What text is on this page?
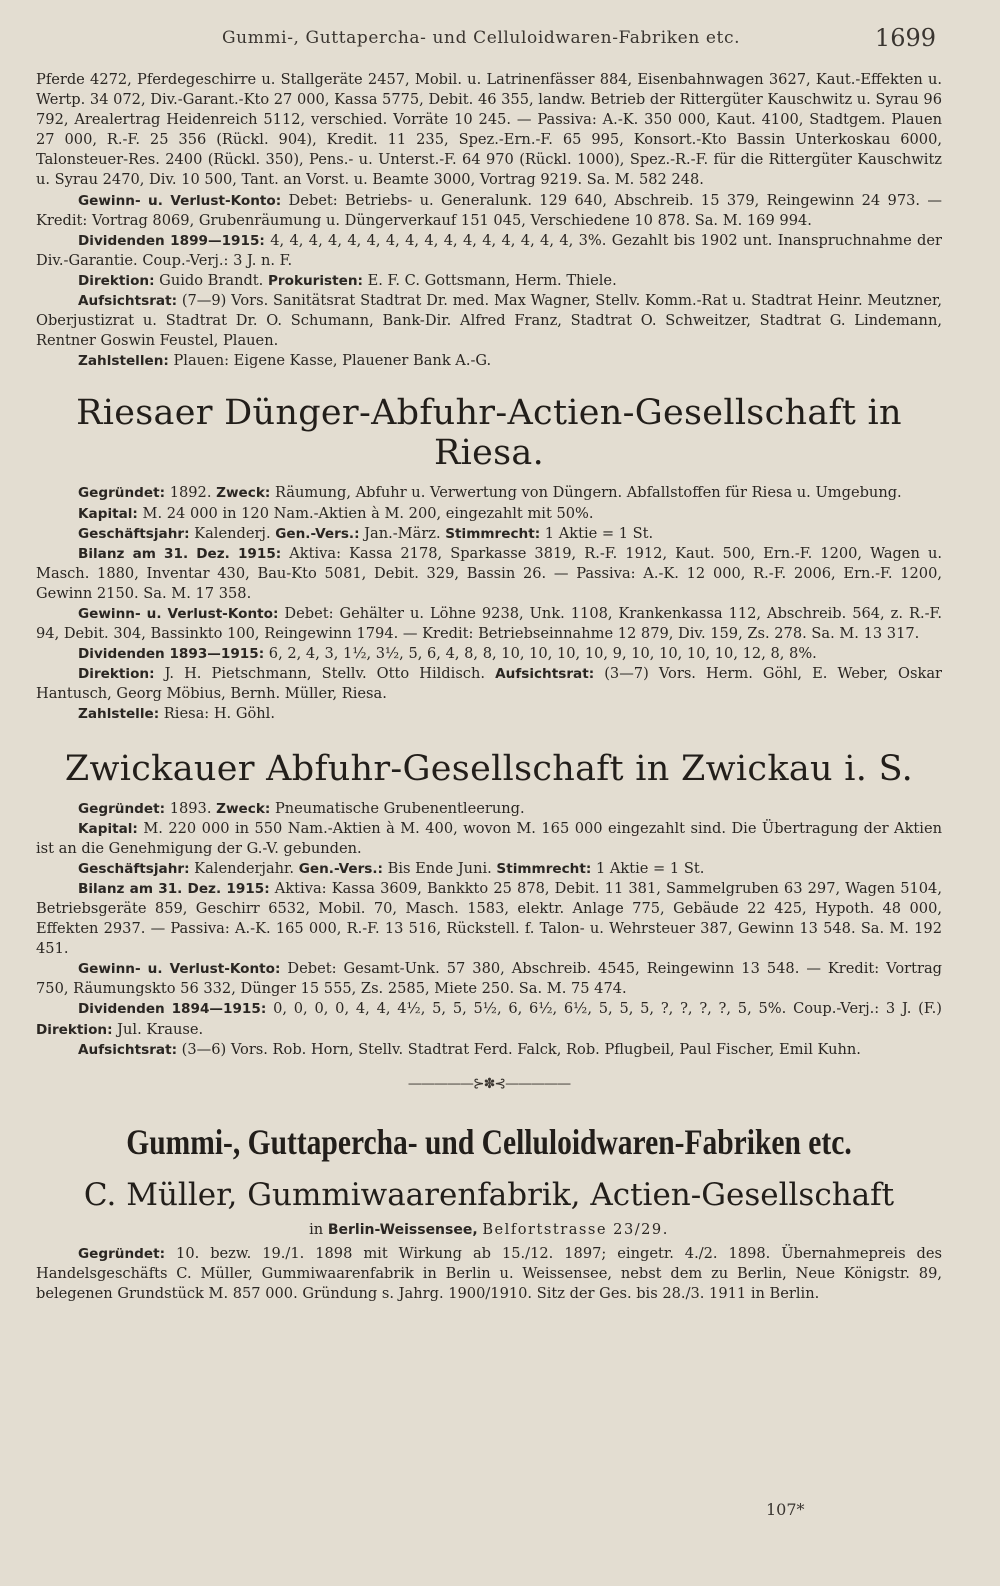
Gummi-, Guttapercha- und Celluloidwaren-Fabriken etc.	1699

Pferde 4272, Pferdegeschirre u. Stallgeräte 2457, Mobil. u. Latrinenfässer 884, Eisenbahnwagen 3627, Kaut.-Effekten u. Wertp. 34 072, Div.-Garant.-Kto 27 000, Kassa 5775, Debit. 46 355, landw. Betrieb der Rittergüter Kauschwitz u. Syrau 96 792, Arealertrag Heidenreich 5112, verschied. Vorräte 10 245. — Passiva: A.-K. 350 000, Kaut. 4100, Stadtgem. Plauen 27 000, R.-F. 25 356 (Rückl. 904), Kredit. 11 235, Spez.-Ern.-F. 65 995, Konsort.-Kto Bassin Unterkoskau 6000, Talonsteuer-Res. 2400 (Rückl. 350), Pens.- u. Unterst.-F. 64 970 (Rückl. 1000), Spez.-R.-F. für die Rittergüter Kauschwitz u. Syrau 2470, Div. 10 500, Tant. an Vorst. u. Beamte 3000, Vortrag 9219. Sa. M. 582 248.

Gewinn- u. Verlust-Konto: Debet: Betriebs- u. Generalunk. 129 640, Abschreib. 15 379, Reingewinn 24 973. — Kredit: Vortrag 8069, Grubenräumung u. Düngerverkauf 151 045, Verschiedene 10 878. Sa. M. 169 994.

Dividenden 1899—1915: 4, 4, 4, 4, 4, 4, 4, 4, 4, 4, 4, 4, 4, 4, 4, 4, 3%. Gezahlt bis 1902 unt. Inanspruchnahme der Div.-Garantie. Coup.-Verj.: 3 J. n. F.

Direktion: Guido Brandt. Prokuristen: E. F. C. Gottsmann, Herm. Thiele.

Aufsichtsrat: (7—9) Vors. Sanitätsrat Stadtrat Dr. med. Max Wagner, Stellv. Komm.-Rat u. Stadtrat Heinr. Meutzner, Oberjustizrat u. Stadtrat Dr. O. Schumann, Bank-Dir. Alfred Franz, Stadtrat O. Schweitzer, Stadtrat G. Lindemann, Rentner Goswin Feustel, Plauen.

Zahlstellen: Plauen: Eigene Kasse, Plauener Bank A.-G.

Riesaer Dünger-Abfuhr-Actien-Gesellschaft in Riesa.

Gegründet: 1892. Zweck: Räumung, Abfuhr u. Verwertung von Düngern. Abfallstoffen für Riesa u. Umgebung.

Kapital: M. 24 000 in 120 Nam.-Aktien à M. 200, eingezahlt mit 50%.

Geschäftsjahr: Kalenderj. Gen.-Vers.: Jan.-März. Stimmrecht: 1 Aktie = 1 St.

Bilanz am 31. Dez. 1915: Aktiva: Kassa 2178, Sparkasse 3819, R.-F. 1912, Kaut. 500, Ern.-F. 1200, Wagen u. Masch. 1880, Inventar 430, Bau-Kto 5081, Debit. 329, Bassin 26. — Passiva: A.-K. 12 000, R.-F. 2006, Ern.-F. 1200, Gewinn 2150. Sa. M. 17 358.

Gewinn- u. Verlust-Konto: Debet: Gehälter u. Löhne 9238, Unk. 1108, Krankenkassa 112, Abschreib. 564, z. R.-F. 94, Debit. 304, Bassinkto 100, Reingewinn 1794. — Kredit: Betriebseinnahme 12 879, Div. 159, Zs. 278. Sa. M. 13 317.

Dividenden 1893—1915: 6, 2, 4, 3, 1½, 3½, 5, 6, 4, 8, 8, 10, 10, 10, 10, 9, 10, 10, 10, 10, 12, 8, 8%.

Direktion: J. H. Pietschmann, Stellv. Otto Hildisch. Aufsichtsrat: (3—7) Vors. Herm. Göhl, E. Weber, Oskar Hantusch, Georg Möbius, Bernh. Müller, Riesa.

Zahlstelle: Riesa: H. Göhl.

Zwickauer Abfuhr-Gesellschaft in Zwickau i. S.

Gegründet: 1893. Zweck: Pneumatische Grubenentleerung.

Kapital: M. 220 000 in 550 Nam.-Aktien à M. 400, wovon M. 165 000 eingezahlt sind. Die Übertragung der Aktien ist an die Genehmigung der G.-V. gebunden.

Geschäftsjahr: Kalenderjahr. Gen.-Vers.: Bis Ende Juni. Stimmrecht: 1 Aktie = 1 St.

Bilanz am 31. Dez. 1915: Aktiva: Kassa 3609, Bankkto 25 878, Debit. 11 381, Sammelgruben 63 297, Wagen 5104, Betriebsgeräte 859, Geschirr 6532, Mobil. 70, Masch. 1583, elektr. Anlage 775, Gebäude 22 425, Hypoth. 48 000, Effekten 2937. — Passiva: A.-K. 165 000, R.-F. 13 516, Rückstell. f. Talon- u. Wehrsteuer 387, Gewinn 13 548. Sa. M. 192 451.

Gewinn- u. Verlust-Konto: Debet: Gesamt-Unk. 57 380, Abschreib. 4545, Reingewinn 13 548. — Kredit: Vortrag 750, Räumungskto 56 332, Dünger 15 555, Zs. 2585, Miete 250. Sa. M. 75 474.

Dividenden 1894—1915: 0, 0, 0, 0, 4, 4, 4½, 5, 5, 5½, 6, 6½, 6½, 5, 5, 5, ?, ?, ?, ?, 5, 5%. Coup.-Verj.: 3 J. (F.) Direktion: Jul. Krause.

Aufsichtsrat: (3—6) Vors. Rob. Horn, Stellv. Stadtrat Ferd. Falck, Rob. Pflugbeil, Paul Fischer, Emil Kuhn.

—————⊱✽⊰—————
Gummi-, Guttapercha- und Celluloidwaren-Fabriken etc.
C. Müller, Gummiwaarenfabrik, Actien-Gesellschaft
in Berlin-Weissensee, Belfortstrasse 23/29.

Gegründet: 10. bezw. 19./1. 1898 mit Wirkung ab 15./12. 1897; eingetr. 4./2. 1898. Übernahmepreis des Handelsgeschäfts C. Müller, Gummiwaarenfabrik in Berlin u. Weissensee, nebst dem zu Berlin, Neue Königstr. 89, belegenen Grundstück M. 857 000. Gründung s. Jahrg. 1900/1910. Sitz der Ges. bis 28./3. 1911 in Berlin.

107*
